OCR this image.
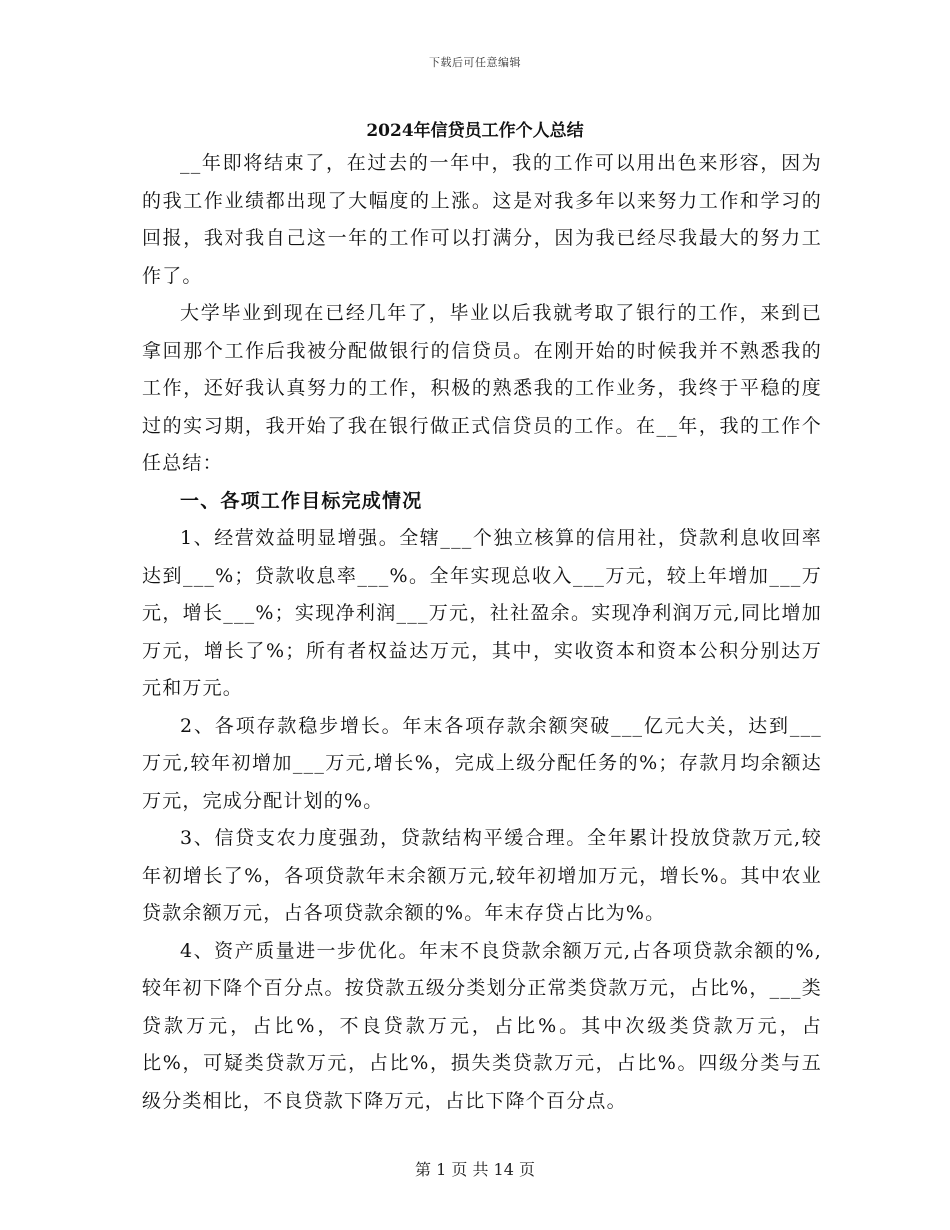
下载后可任意编辑
2024年信贷员工作个人总结

__年即将结束了，在过去的一年中，我的工作可以用出色来形容，因为的我工作业绩都出现了大幅度的上涨。这是对我多年以来努力工作和学习的回报，我对我自己这一年的工作可以打满分，因为我已经尽我最大的努力工作了。

大学毕业到现在已经几年了，毕业以后我就考取了银行的工作，来到已拿回那个工作后我被分配做银行的信贷员。在刚开始的时候我并不熟悉我的工作，还好我认真努力的工作，积极的熟悉我的工作业务，我终于平稳的度过的实习期，我开始了我在银行做正式信贷员的工作。在__年，我的工作个任总结：

一、各项工作目标完成情况

1、经营效益明显增强。全辖___个独立核算的信用社，贷款利息收回率达到___%；贷款收息率___%。全年实现总收入___万元，较上年增加___万元，增长___%；实现净利润___万元，社社盈余。实现净利润万元,同比增加万元，增长了%；所有者权益达万元，其中，实收资本和资本公积分别达万元和万元。

2、各项存款稳步增长。年末各项存款余额突破___亿元大关，达到___万元,较年初增加___万元,增长%，完成上级分配任务的%；存款月均余额达万元，完成分配计划的%。

3、信贷支农力度强劲，贷款结构平缓合理。全年累计投放贷款万元,较年初增长了%，各项贷款年末余额万元,较年初增加万元，增长%。其中农业贷款余额万元，占各项贷款余额的%。年末存贷占比为%。

4、资产质量进一步优化。年末不良贷款余额万元,占各项贷款余额的%,较年初下降个百分点。按贷款五级分类划分正常类贷款万元，占比%，___类贷款万元，占比%，不良贷款万元，占比%。其中次级类贷款万元，占比%，可疑类贷款万元，占比%，损失类贷款万元，占比%。四级分类与五级分类相比，不良贷款下降万元，占比下降个百分点。

第 1 页 共 14 页
